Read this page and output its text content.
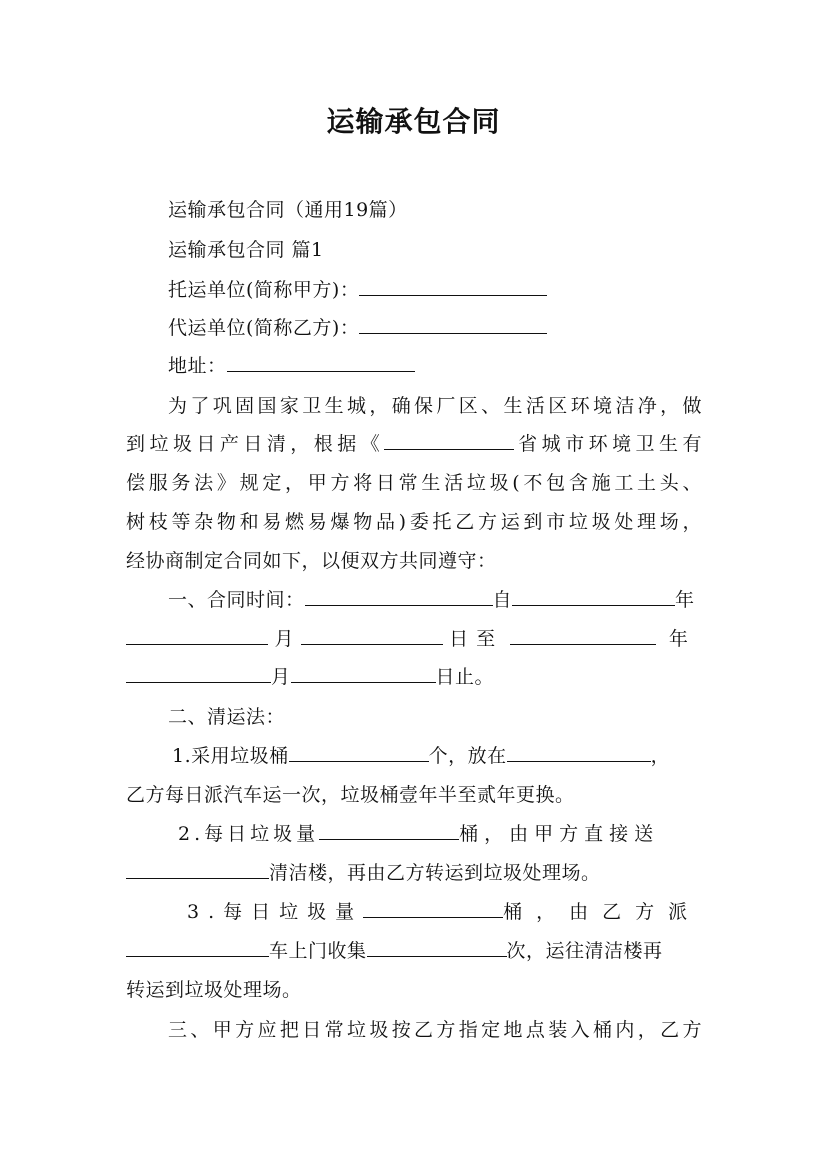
运输承包合同
运输承包合同（通用19篇）
运输承包合同 篇1
托运单位(简称甲方)：
代运单位(简称乙方)：
地址：
为了巩固国家卫生城，确保厂区、生活区环境洁净，做
到垃圾日产日清，根据《	省城市环境卫生有
偿服务法》规定，甲方将日常生活垃圾(不包含施工土头、
树枝等杂物和易燃易爆物品)委托乙方运到市垃圾处理场，
经协商制定合同如下，以便双方共同遵守：
一、合同时间：	自	年
月	日至	年
月	日止。
二、清运法：
1.采用垃圾桶	个，放在	，
乙方每日派汽车运一次，垃圾桶壹年半至贰年更换。
2.每日垃圾量	桶，由甲方直接送
清洁楼，再由乙方转运到垃圾处理场。
3.每日垃圾量	桶，由乙方派
车上门收集	次，运往清洁楼再
转运到垃圾处理场。
三、甲方应把日常垃圾按乙方指定地点装入桶内，乙方
